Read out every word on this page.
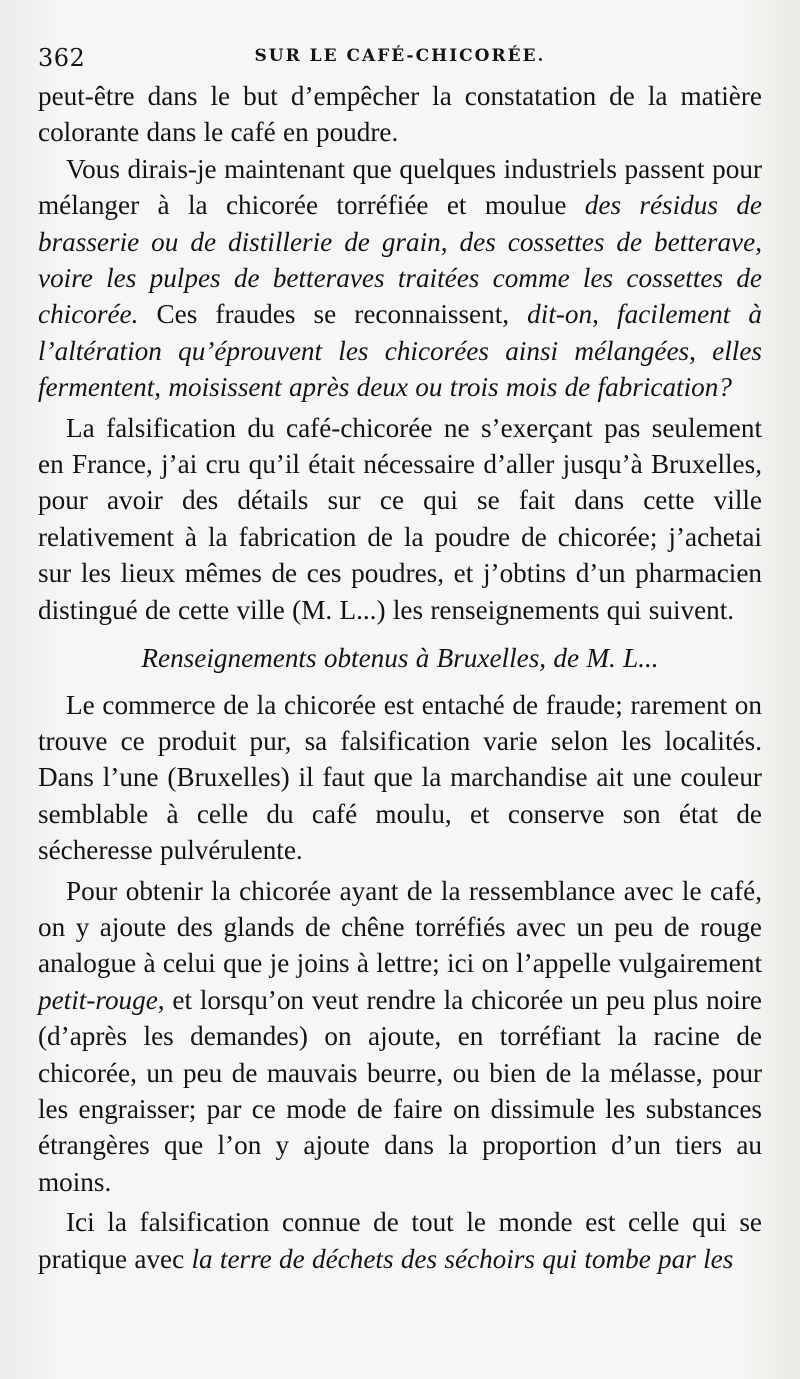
362	SUR LE CAFÉ-CHICORÉE.

peut-être dans le but d’empêcher la constatation de la matière colorante dans le café en poudre.

Vous dirais-je maintenant que quelques industriels passent pour mélanger à la chicorée torréfiée et moulue des résidus de brasserie ou de distillerie de grain, des cossettes de betterave, voire les pulpes de betteraves traitées comme les cossettes de chicorée. Ces fraudes se reconnaissent, dit-on, facilement à l’altération qu’éprouvent les chicorées ainsi mélangées, elles fermentent, moisissent après deux ou trois mois de fabrication?

La falsification du café-chicorée ne s’exerçant pas seulement en France, j’ai cru qu’il était nécessaire d’aller jusqu’à Bruxelles, pour avoir des détails sur ce qui se fait dans cette ville relativement à la fabrication de la poudre de chicorée; j’achetai sur les lieux mêmes de ces poudres, et j’obtins d’un pharmacien distingué de cette ville (M. L...) les renseignements qui suivent.

Renseignements obtenus à Bruxelles, de M. L...

Le commerce de la chicorée est entaché de fraude; rarement on trouve ce produit pur, sa falsification varie selon les localités. Dans l’une (Bruxelles) il faut que la marchandise ait une couleur semblable à celle du café moulu, et conserve son état de sécheresse pulvérulente.

Pour obtenir la chicorée ayant de la ressemblance avec le café, on y ajoute des glands de chêne torréfiés avec un peu de rouge analogue à celui que je joins à lettre; ici on l’appelle vulgairement petit-rouge, et lorsqu’on veut rendre la chicorée un peu plus noire (d’après les demandes) on ajoute, en torréfiant la racine de chicorée, un peu de mauvais beurre, ou bien de la mélasse, pour les engraisser; par ce mode de faire on dissimule les substances étrangères que l’on y ajoute dans la proportion d’un tiers au moins.

Ici la falsification connue de tout le monde est celle qui se pratique avec la terre de déchets des séchoirs qui tombe par les
